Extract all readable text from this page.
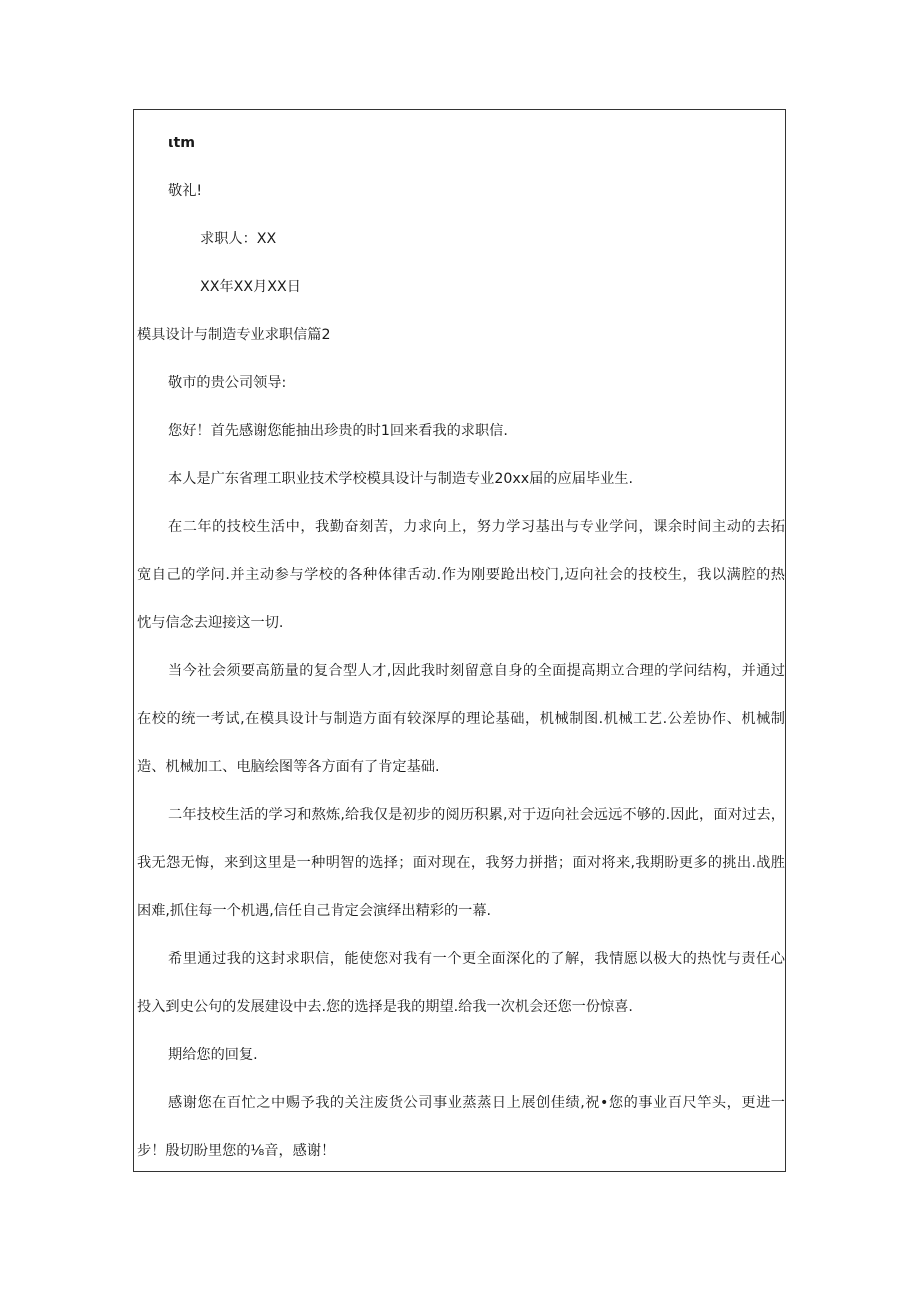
ιtm
敬礼!
求职人：XX
XX年XX月XX日
模具设计与制造专业求职信篇2
敬市的贵公司领导:
您好！首先感谢您能抽出珍贵的时1回来看我的求职信.
本人是广东省理工职业技术学校模具设计与制造专业20xx届的应届毕业生.
在二年的技校生活中，我勤奋刻苦，力求向上，努力学习基出与专业学问，课余时间主动的去拓
宽自己的学问.并主动参与学校的各种体律舌动.作为刚要跄出校门,迈向社会的技校生，我以满腔的热
忱与信念去迎接这一切.
当今社会须要高筋量的复合型人才,因此我时刻留意自身的全面提高期立合理的学问结构，并通过
在校的统一考试,在模具设计与制造方面有较深厚的理论基础，机械制图.机械工艺.公差协作、机械制
造、机械加工、电脑绘图等各方面有了肯定基础.
二年技校生活的学习和熬炼,给我仅是初步的阅历积累,对于迈向社会远远不够的.因此，面对过去，
我无怨无悔，来到这里是一种明智的选择；面对现在，我努力拼揩；面对将来,我期盼更多的挑出.战胜
困难,抓住每一个机遇,信任自己肯定会演绎出精彩的一幕.
希里通过我的这封求职信，能使您对我有一个更全面深化的了解，我情愿以极大的热忱与责任心
投入到史公句的发展建设中去.您的选择是我的期望.给我一次机会还您一份惊喜.
期给您的回复.
感谢您在百忙之中赐予我的关注废货公司事业蒸蒸日上展创佳绩,祝•您的事业百尺竿头，更进一
步！殷切盼里您的⅛音，感谢！
